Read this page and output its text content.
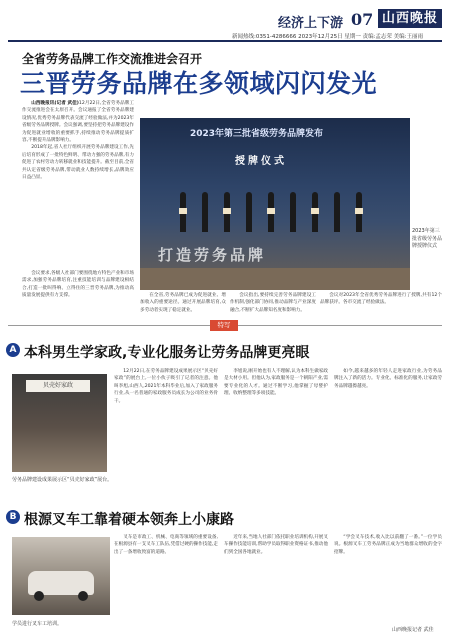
经济上下游 07 山西晚报
新闻热线:0351-4286666 2023年12月25日 星期一 责编:孟志荣 美编:王丽雨
全省劳务品牌工作交流推进会召开
三晋劳务品牌在多领域闪闪发光

山西晚报讯(记者 武佳)12月22日,全省劳务品牌工作交流推进会在太原召开。会议通报了全省劳务品牌建设情况,优秀劳务品牌代表交流了经验做法,并为2023年省级劳务品牌授牌。会议强调,要坚持把劳务品牌建设作为促进就业增收的重要抓手,持续推动劳务品牌提质扩容,不断提升品牌影响力。

2018年起,省人社厅组织开展劳务品牌建设工作,先后培育形成了一批特色鲜明、带动力强的劳务品牌,有力促进了农村劳动力转移就业和技能提升。截至目前,全省共认定省级劳务品牌,带动就业人数持续增长,品牌效应日益凸显。

会议要求,各级人社部门要围绕地方特色产业和市场需求,加强劳务品牌培育,注重技能培训与品牌建设相结合,打造一批叫得响、立得住的三晋劳务品牌,为推动高质量发展提供有力支撑。

2023年第三批省级劳务品牌发布
授牌仪式
打造劳务品牌
2023年第三批省级劳务品牌授牌仪式

在全省,劳务品牌已成为促进就业、增加收入的重要途径。通过开展品牌培育,众多劳动者实现了稳定就业。

会议指出,要持续完善劳务品牌建设工作机制,强化部门协同,推动品牌与产业深度融合,不断扩大品牌知名度和影响力。

会议对2023年全省优秀劳务品牌进行了授牌,共有12个品牌获评。各市交流了经验做法。

特写
A 本科男生学家政,专业化服务让劳务品牌更亮眼
贝壳好家政
劳务品牌建设成果展示区“贝壳好家政”展台。

12月22日,在劳务品牌建设成果展示区“贝壳好家政”的展台上,一位小伙子吸引了记者的注意。他叫李旭,山西人,2021年本科毕业后,加入了家政服务行业,从一名普通的家政服务员成长为公司的业务骨干。

李旭说,刚开始也有人不理解,认为本科生做家政是大材小用。但他认为,家政服务是一个朝阳产业,需要专业化的人才。通过不断学习,他掌握了母婴护理、收纳整理等多项技能。

如今,越来越多的年轻人走进家政行业,为劳务品牌注入了新的活力。专业化、标准化的服务,让家政劳务品牌越擦越亮。

B 根源叉车工靠着硬本领奔上小康路
学员进行叉车工培训。

叉车是市政工、机械、电商等领域的重要设备,在根源县有一支叉车工队伍,凭借过硬的操作技能,走出了一条增收致富的道路。

近年来,当地人社部门依托职业培训机构,开展叉车操作技能培训,帮助学员取得职业资格证书,推动他们到全国各地就业。

“学会叉车技术,收入比以前翻了一番。”一位学员说。根源叉车工劳务品牌正成为当地群众增收的金字招牌。

山西晚报记者 武佳
